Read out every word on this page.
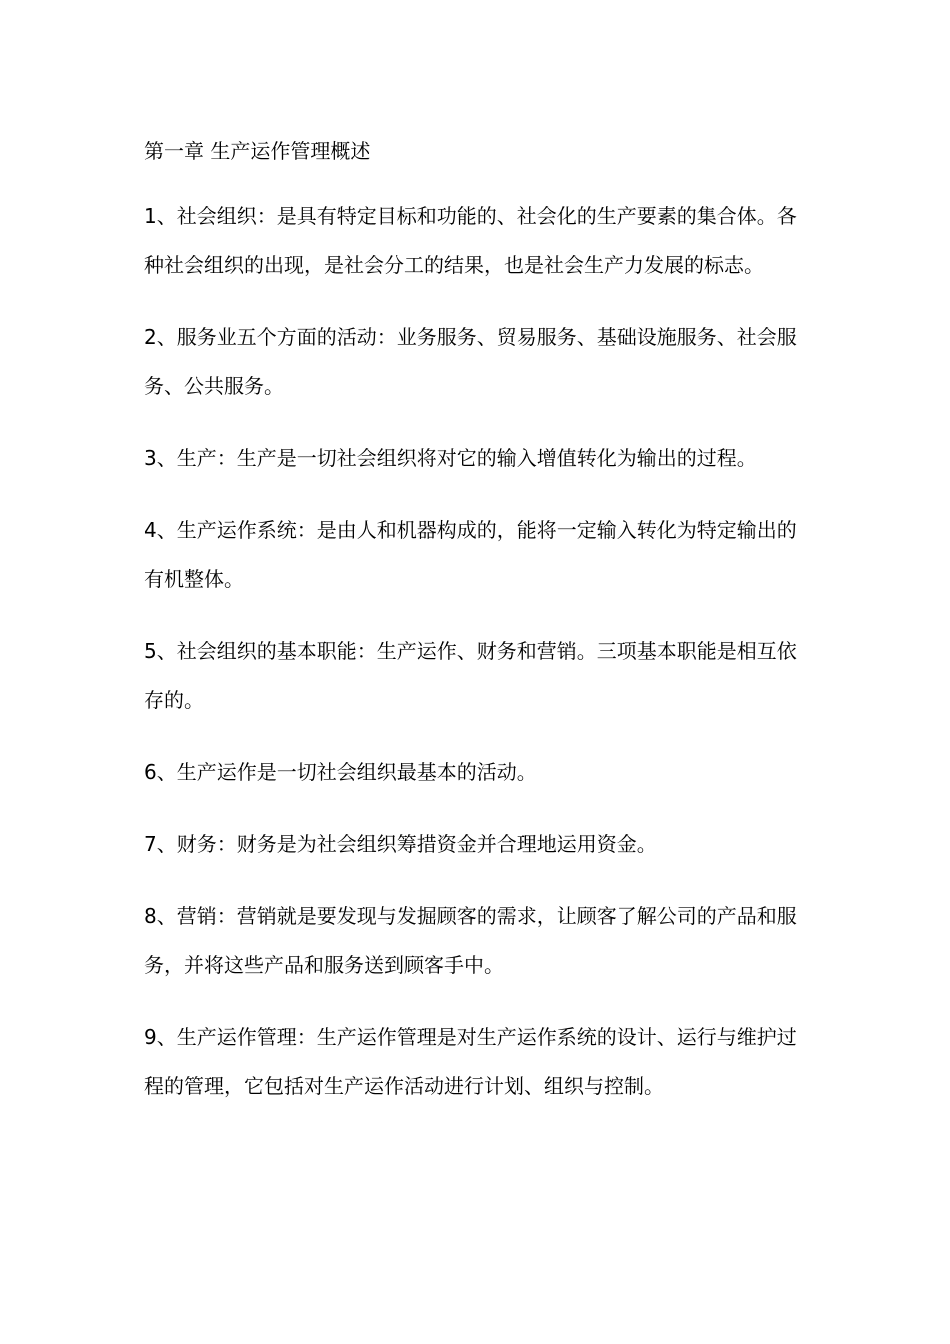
第一章 生产运作管理概述

1、社会组织：是具有特定目标和功能的、社会化的生产要素的集合体。各种社会组织的出现，是社会分工的结果，也是社会生产力发展的标志。

2、服务业五个方面的活动：业务服务、贸易服务、基础设施服务、社会服务、公共服务。

3、生产：生产是一切社会组织将对它的输入增值转化为输出的过程。

4、生产运作系统：是由人和机器构成的，能将一定输入转化为特定输出的有机整体。

5、社会组织的基本职能：生产运作、财务和营销。三项基本职能是相互依存的。

6、生产运作是一切社会组织最基本的活动。

7、财务：财务是为社会组织筹措资金并合理地运用资金。

8、营销：营销就是要发现与发掘顾客的需求，让顾客了解公司的产品和服务，并将这些产品和服务送到顾客手中。

9、生产运作管理：生产运作管理是对生产运作系统的设计、运行与维护过程的管理，它包括对生产运作活动进行计划、组织与控制。
